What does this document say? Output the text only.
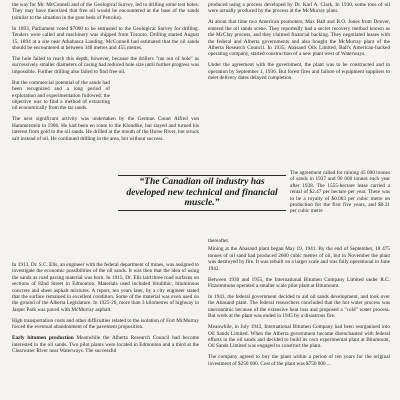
the way for Mr. McConnell and of the Geological Survey, led to drilling some test holes. They may have theorized that free oil would be encountered at the base of the sands (similar to the situation in the gore beds of Petrolia).

In 1893, Parliament voted $7000 to be entrusted to the Geological Survey for drilling. Tenders were called and machinery was shipped from Toronto. Drilling started August 15, 1894 at a site near Athabasca Landing. McConnell had estimated that the oil sands should be encountered at between 348 metres and 455 metres.

The hole failed to reach this depth, however, because the drillers "ran out of hole" as successively smaller diameters of casing had reduced hole size until further progress was impossible. Further drilling also failed to find free oil.

But the commercial potential of the sands had been recognized and a long period of exploration and experimentation followed: the objective was to find a method of extracting oil economically from the tar sands.

The next significant activity was undertaken by the German Count Alfred von Hammerstein in 1906. He had been en route to the Klondike, but stayed and turned his interest from gold to the oil sands. He drilled at the mouth of the Horse River, but struck salt instead of oil. He continued drilling in the area, but without success.

In 1913, Dr. S.C. Ells, an engineer with the federal department of mines, was assigned to investigate the economic possibilities of the oil sands. It was then that the idea of using the sands as road paving material was born. In 1915, Dr. Ells laid three road surfaces on sections of 82nd Street in Edmonton. Materials used included bitulithic, bituminous concrete and sheet asphalt mixtures. A report, ten years later, by a city engineer stated that the surface remained in excellent condition. Some of the material was even used on the ground of the Alberta Legislature. In 1925-26, more than 3 kilometres of highway in Jasper Park was paved with McMurray asphalt.

High transportation costs and other difficulties related to the isolation of Fort McMurray forced the eventual abandonment of the pavement proposition.

Early bitumen production Meanwhile the Alberta Research Council had become interested in the oil sands. Two pilot plants were located in Edmonton and a third at the Clearwater River near Waterways. The successful

produced using a process developed by Dr. Karl A. Clark. In 1930, some tons of oil were actually produced by the process at the McMurray plant.

At about that time two American promoters, Max Ball and B.O. Jones from Denver, entered the oil sands scene. They reportedly had a secret recovery method known as the McClay process, and they claimed financial backing. They negotiated leases with the federal and Alberta governments and also bought the McMurray plant of the Alberta Research Council. In 1935, Abasand Oils Limited, Ball's American-backed operating company, started construction of a new plant west of Waterways.

Under the agreement with the government, the plant was to be constructed and in operation by September 1, 1936. But forest fires and failure of equipment suppliers to meet delivery dates delayed completion.

The agreement called for mining 45 000 tonnes of sands in 1937 and 90 000 tonnes each year after 1938. The 1555-hectare lease carried a rental of $2.47 per hectare per year. There was to be a royalty of $0.063 per cubic metre on production for the first five years, and $0.31 per cubic metre

thereafter.

Mining at the Abasand plant began May 19, 1941. By the end of September, 18 475 tonnes of oil sand had produced 2600 cubic metres of oil, but in November the plant was destroyed by fire. It was rebuilt on a larger scale and was fully operational in June 1942.

Between 1930 and 1955, the International Bitumen Company Limited under R.C. Fitzsimmons operated a smaller scale pilot plant at Bitumount.

In 1943, the federal government decided to aid oil sands development, and took over the Abasand plant. The federal researchers concluded that the hot water process was uneconomic because of the extensive heat loss and proposed a "cold" water process. But work at the plant was ended in 1945 by a disastrous fire.

Meanwhile, in July 1943, International Bitumen Company had been reorganized into Oil Sands Limited. When the Alberta government became disenchanted with federal efforts in the oil sands and decided to build its own experimental plant at Bitumount, Oil Sands Limited was engaged to construct the plant.

The company agreed to buy the plant within a period of ten years for the original investment of $250 000. Cost of the plant was $750 000 ...

“The Canadian oil industry has developed new technical and financial muscle.”
